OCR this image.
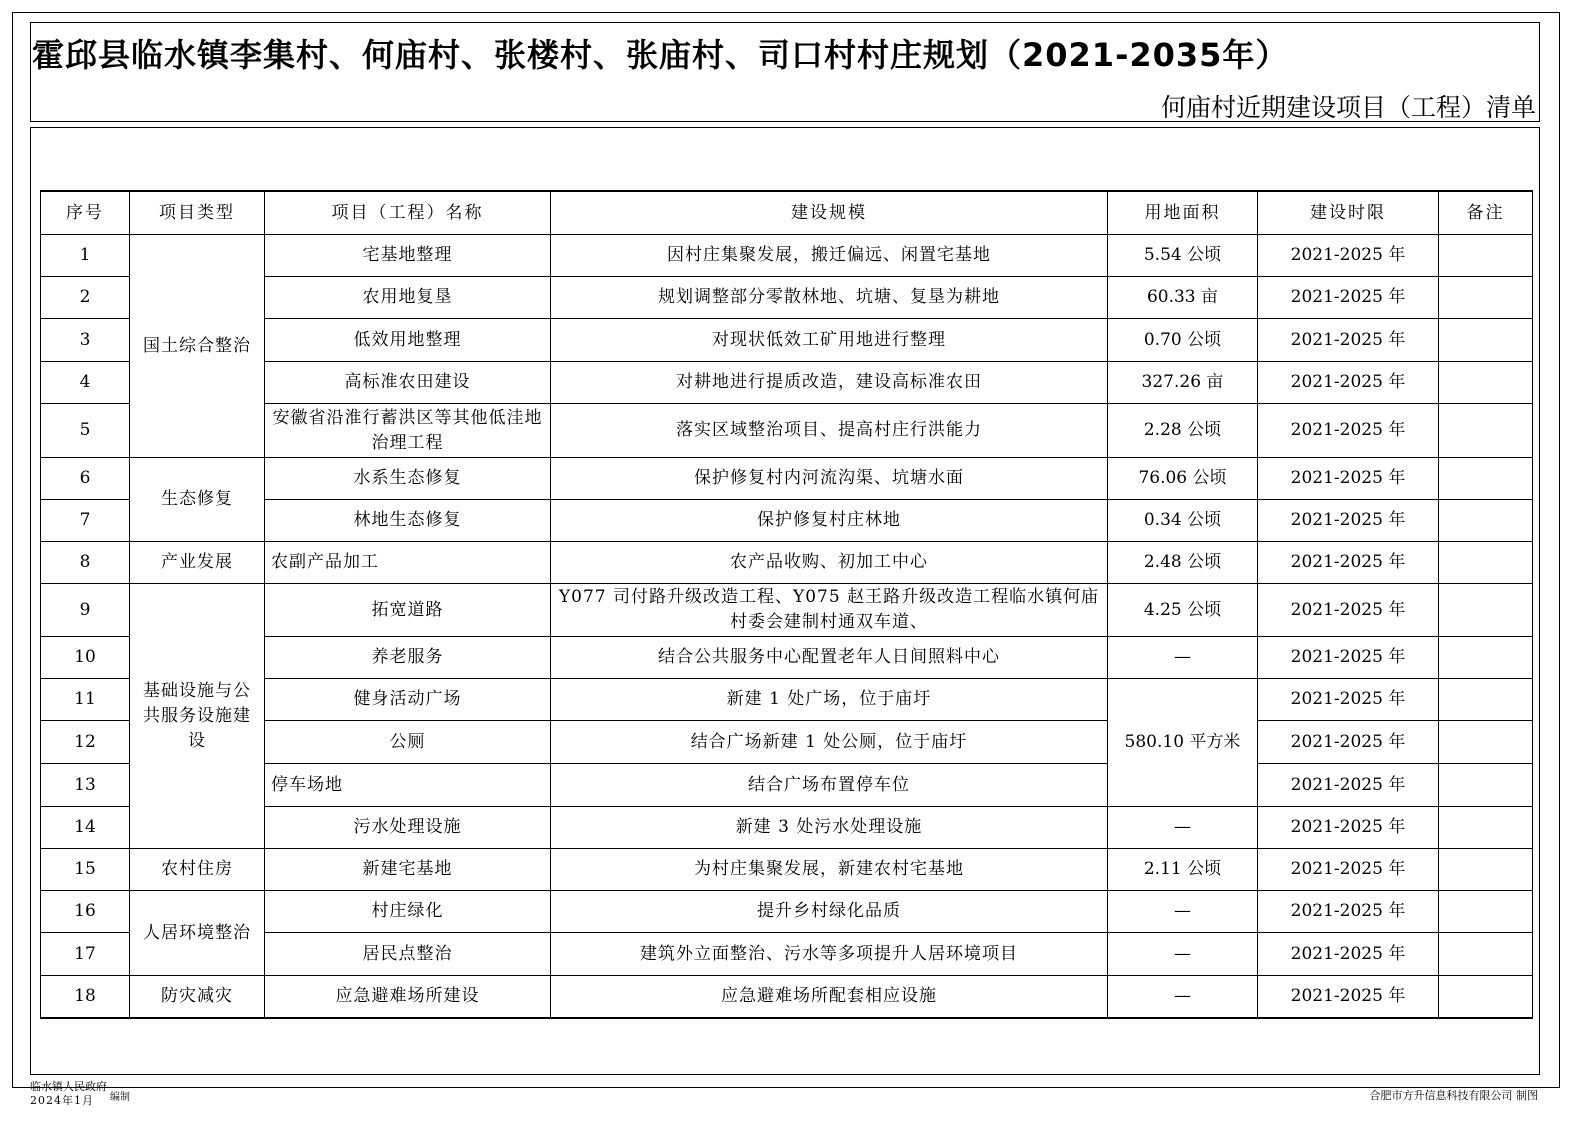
霍邱县临水镇李集村、何庙村、张楼村、张庙村、司口村村庄规划（2021-2035年）
何庙村近期建设项目（工程）清单
序号	项目类型	项目（工程）名称	建设规模	用地面积	建设时限	备注
1	国土综合整治	宅基地整理	因村庄集聚发展，搬迁偏远、闲置宅基地	5.54 公顷	2021-2025 年	
2		农用地复垦	规划调整部分零散林地、坑塘、复垦为耕地	60.33 亩	2021-2025 年	
3		低效用地整理	对现状低效工矿用地进行整理	0.70 公顷	2021-2025 年	
4		高标准农田建设	对耕地进行提质改造，建设高标准农田	327.26 亩	2021-2025 年	
5		安徽省沿淮行蓄洪区等其他低洼地治理工程	落实区域整治项目、提高村庄行洪能力	2.28 公顷	2021-2025 年	
6	生态修复	水系生态修复	保护修复村内河流沟渠、坑塘水面	76.06 公顷	2021-2025 年	
7		林地生态修复	保护修复村庄林地	0.34 公顷	2021-2025 年	
8	产业发展	农副产品加工	农产品收购、初加工中心	2.48 公顷	2021-2025 年	
9	基础设施与公共服务设施建设	拓宽道路	Y077 司付路升级改造工程、Y075 赵王路升级改造工程临水镇何庙村委会建制村通双车道、	4.25 公顷	2021-2025 年	
10		养老服务	结合公共服务中心配置老年人日间照料中心	—	2021-2025 年	
11		健身活动广场	新建 1 处广场，位于庙圩	580.10 平方米	2021-2025 年	
12		公厕	结合广场新建 1 处公厕，位于庙圩		2021-2025 年	
13		停车场地	结合广场布置停车位		2021-2025 年	
14		污水处理设施	新建 3 处污水处理设施	—	2021-2025 年	
15	农村住房	新建宅基地	为村庄集聚发展，新建农村宅基地	2.11 公顷	2021-2025 年	
16	人居环境整治	村庄绿化	提升乡村绿化品质	—	2021-2025 年	
17		居民点整治	建筑外立面整治、污水等多项提升人居环境项目	—	2021-2025 年	
18	防灾减灾	应急避难场所建设	应急避难场所配套相应设施	—	2021-2025 年	
临水镇人民政府
2024年1月	编制	合肥市方升信息科技有限公司 制图
